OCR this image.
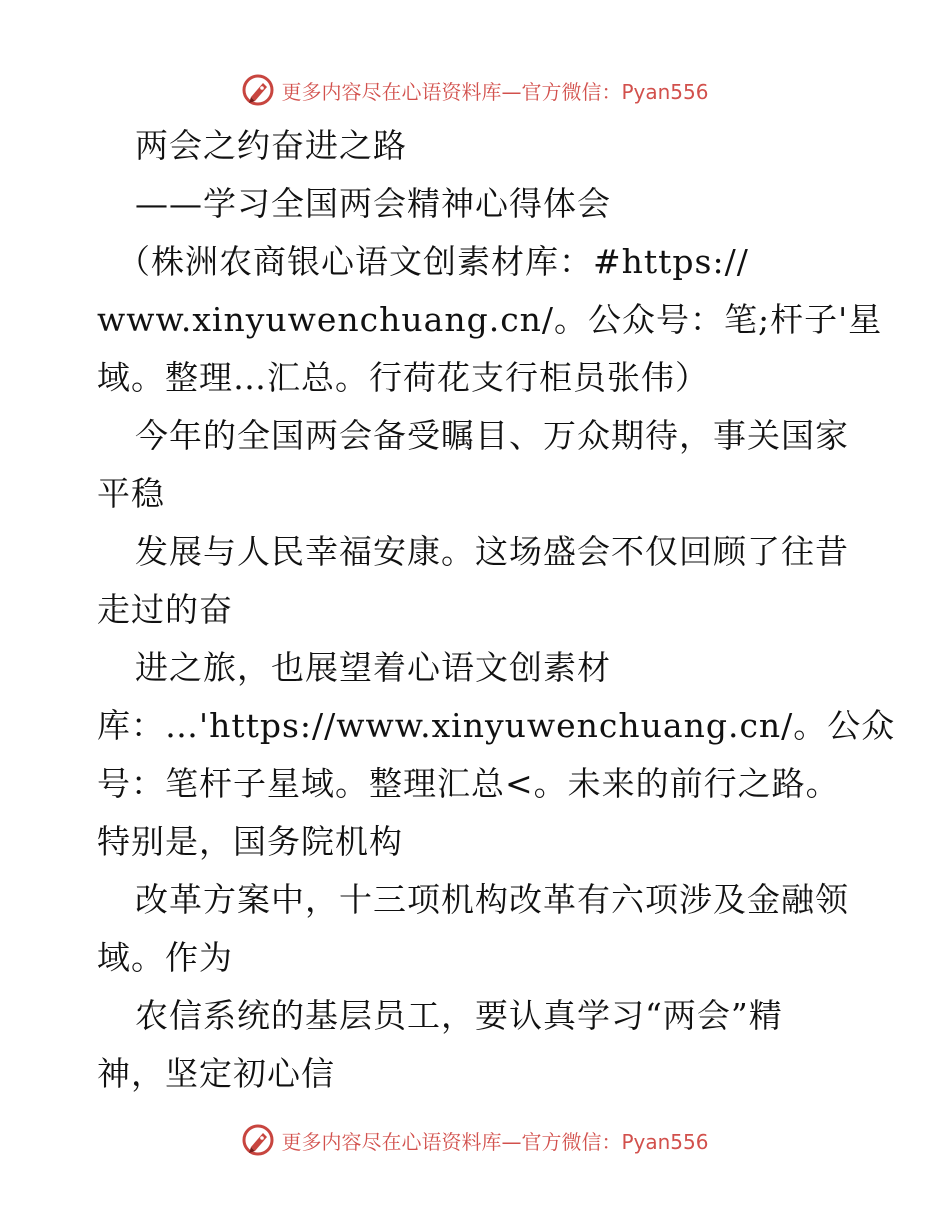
更多内容尽在心语资料库—官方微信：Pyan556
两会之约奋进之路
——学习全国两会精神心得体会
（株洲农商银心语文创素材库：#https://
www.xinyuwenchuang.cn/。公众号：笔;杆子'星
域。整理…汇总。行荷花支行柜员张伟）
今年的全国两会备受瞩目、万众期待，事关国家
平稳
发展与人民幸福安康。这场盛会不仅回顾了往昔
走过的奋
进之旅，也展望着心语文创素材
库：…'https://www.xinyuwenchuang.cn/。公众
号：笔杆子星域。整理汇总<。未来的前行之路。
特别是，国务院机构
改革方案中，十三项机构改革有六项涉及金融领
域。作为
农信系统的基层员工，要认真学习“两会”精
神，坚定初心信
更多内容尽在心语资料库—官方微信：Pyan556
